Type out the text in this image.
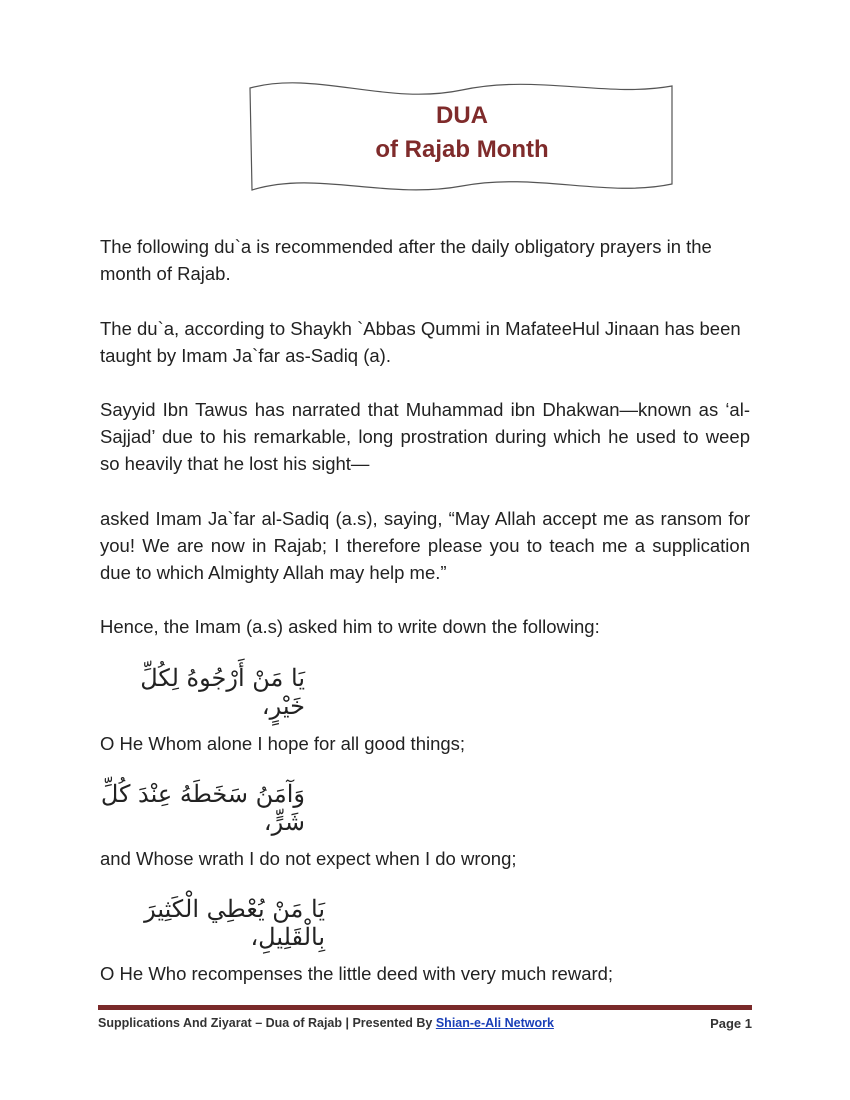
DUA
of Rajab Month

The following du`a is recommended after the daily obligatory prayers in the month of Rajab.

The du`a, according to Shaykh `Abbas Qummi in MafateeHul Jinaan has been taught by Imam Ja`far as-Sadiq (a).

Sayyid Ibn Tawus has narrated that Muhammad ibn Dhakwan—known as ‘al-Sajjad’ due to his remarkable, long prostration during which he used to weep so heavily that he lost his sight—

asked Imam Ja`far al-Sadiq (a.s), saying, “May Allah accept me as ransom for you! We are now in Rajab; I therefore please you to teach me a supplication due to which Almighty Allah may help me.”

Hence, the Imam (a.s) asked him to write down the following:

يَا مَنْ أَرْجُوهُ لِكُلِّ خَيْرٍ،

O He Whom alone I hope for all good things;

وَآمَنُ سَخَطَهُ عِنْدَ كُلِّ شَرٍّ،

and Whose wrath I do not expect when I do wrong;

يَا مَنْ يُعْطِي الْكَثِيرَ بِالْقَلِيلِ،

O He Who recompenses the little deed with very much reward;

Supplications And Ziyarat – Dua of Rajab | Presented By Shian-e-Ali Network	Page 1
